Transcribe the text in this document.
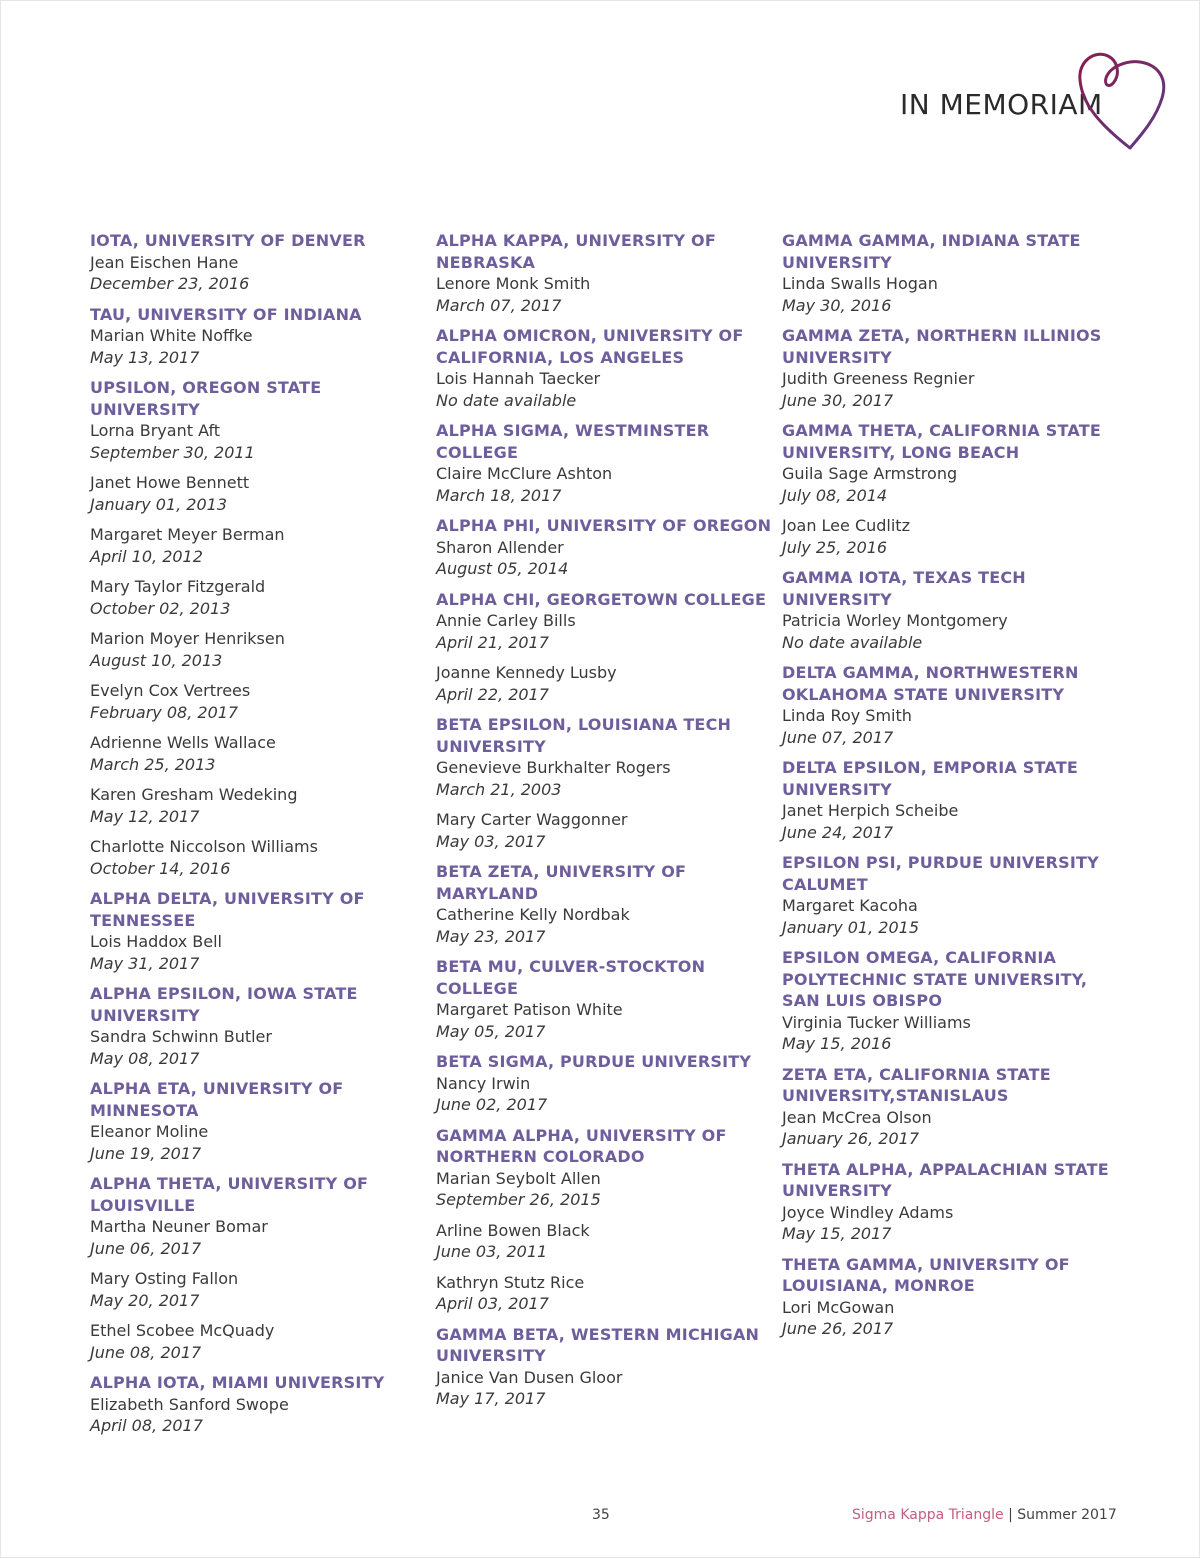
IN MEMORIAM
IOTA, UNIVERSITY OF DENVER
Jean Eischen Hane
December 23, 2016
TAU, UNIVERSITY OF INDIANA
Marian White Noffke
May 13, 2017
UPSILON, OREGON STATE UNIVERSITY
Lorna Bryant Aft
September 30, 2011
Janet Howe Bennett
January 01, 2013
Margaret Meyer Berman
April 10, 2012
Mary Taylor Fitzgerald
October 02, 2013
Marion Moyer Henriksen
August 10, 2013
Evelyn Cox Vertrees
February 08, 2017
Adrienne Wells Wallace
March 25, 2013
Karen Gresham Wedeking
May 12, 2017
Charlotte Niccolson Williams
October 14, 2016
ALPHA DELTA, UNIVERSITY OF TENNESSEE
Lois Haddox Bell
May 31, 2017
ALPHA EPSILON, IOWA STATE UNIVERSITY
Sandra Schwinn Butler
May 08, 2017
ALPHA ETA, UNIVERSITY OF MINNESOTA
Eleanor Moline
June 19, 2017
ALPHA THETA, UNIVERSITY OF LOUISVILLE
Martha Neuner Bomar
June 06, 2017
Mary Osting Fallon
May 20, 2017
Ethel Scobee McQuady
June 08, 2017
ALPHA IOTA, MIAMI UNIVERSITY
Elizabeth Sanford Swope
April 08, 2017
ALPHA KAPPA, UNIVERSITY OF NEBRASKA
Lenore Monk Smith
March 07, 2017
ALPHA OMICRON, UNIVERSITY OF CALIFORNIA, LOS ANGELES
Lois Hannah Taecker
No date available
ALPHA SIGMA, WESTMINSTER COLLEGE
Claire McClure Ashton
March 18, 2017
ALPHA PHI, UNIVERSITY OF OREGON
Sharon Allender
August 05, 2014
ALPHA CHI, GEORGETOWN COLLEGE
Annie Carley Bills
April 21, 2017
Joanne Kennedy Lusby
April 22, 2017
BETA EPSILON, LOUISIANA TECH UNIVERSITY
Genevieve Burkhalter Rogers
March 21, 2003
Mary Carter Waggonner
May 03, 2017
BETA ZETA, UNIVERSITY OF MARYLAND
Catherine Kelly Nordbak
May 23, 2017
BETA MU, CULVER-STOCKTON COLLEGE
Margaret Patison White
May 05, 2017
BETA SIGMA, PURDUE UNIVERSITY
Nancy Irwin
June 02, 2017
GAMMA ALPHA, UNIVERSITY OF NORTHERN COLORADO
Marian Seybolt Allen
September 26, 2015
Arline Bowen Black
June 03, 2011
Kathryn Stutz Rice
April 03, 2017
GAMMA BETA, WESTERN MICHIGAN UNIVERSITY
Janice Van Dusen Gloor
May 17, 2017
GAMMA GAMMA, INDIANA STATE UNIVERSITY
Linda Swalls Hogan
May 30, 2016
GAMMA ZETA, NORTHERN ILLINIOS UNIVERSITY
Judith Greeness Regnier
June 30, 2017
GAMMA THETA, CALIFORNIA STATE UNIVERSITY, LONG BEACH
Guila Sage Armstrong
July 08, 2014
Joan Lee Cudlitz
July 25, 2016
GAMMA IOTA, TEXAS TECH UNIVERSITY
Patricia Worley Montgomery
No date available
DELTA GAMMA, NORTHWESTERN OKLAHOMA STATE UNIVERSITY
Linda Roy Smith
June 07, 2017
DELTA EPSILON, EMPORIA STATE UNIVERSITY
Janet Herpich Scheibe
June 24, 2017
EPSILON PSI, PURDUE UNIVERSITY CALUMET
Margaret Kacoha
January 01, 2015
EPSILON OMEGA, CALIFORNIA POLYTECHNIC STATE UNIVERSITY, SAN LUIS OBISPO
Virginia Tucker Williams
May 15, 2016
ZETA ETA, CALIFORNIA STATE UNIVERSITY,STANISLAUS
Jean McCrea Olson
January 26, 2017
THETA ALPHA, APPALACHIAN STATE UNIVERSITY
Joyce Windley Adams
May 15, 2017
THETA GAMMA, UNIVERSITY OF LOUISIANA, MONROE
Lori McGowan
June 26, 2017
35	Sigma Kappa Triangle | Summer 2017
